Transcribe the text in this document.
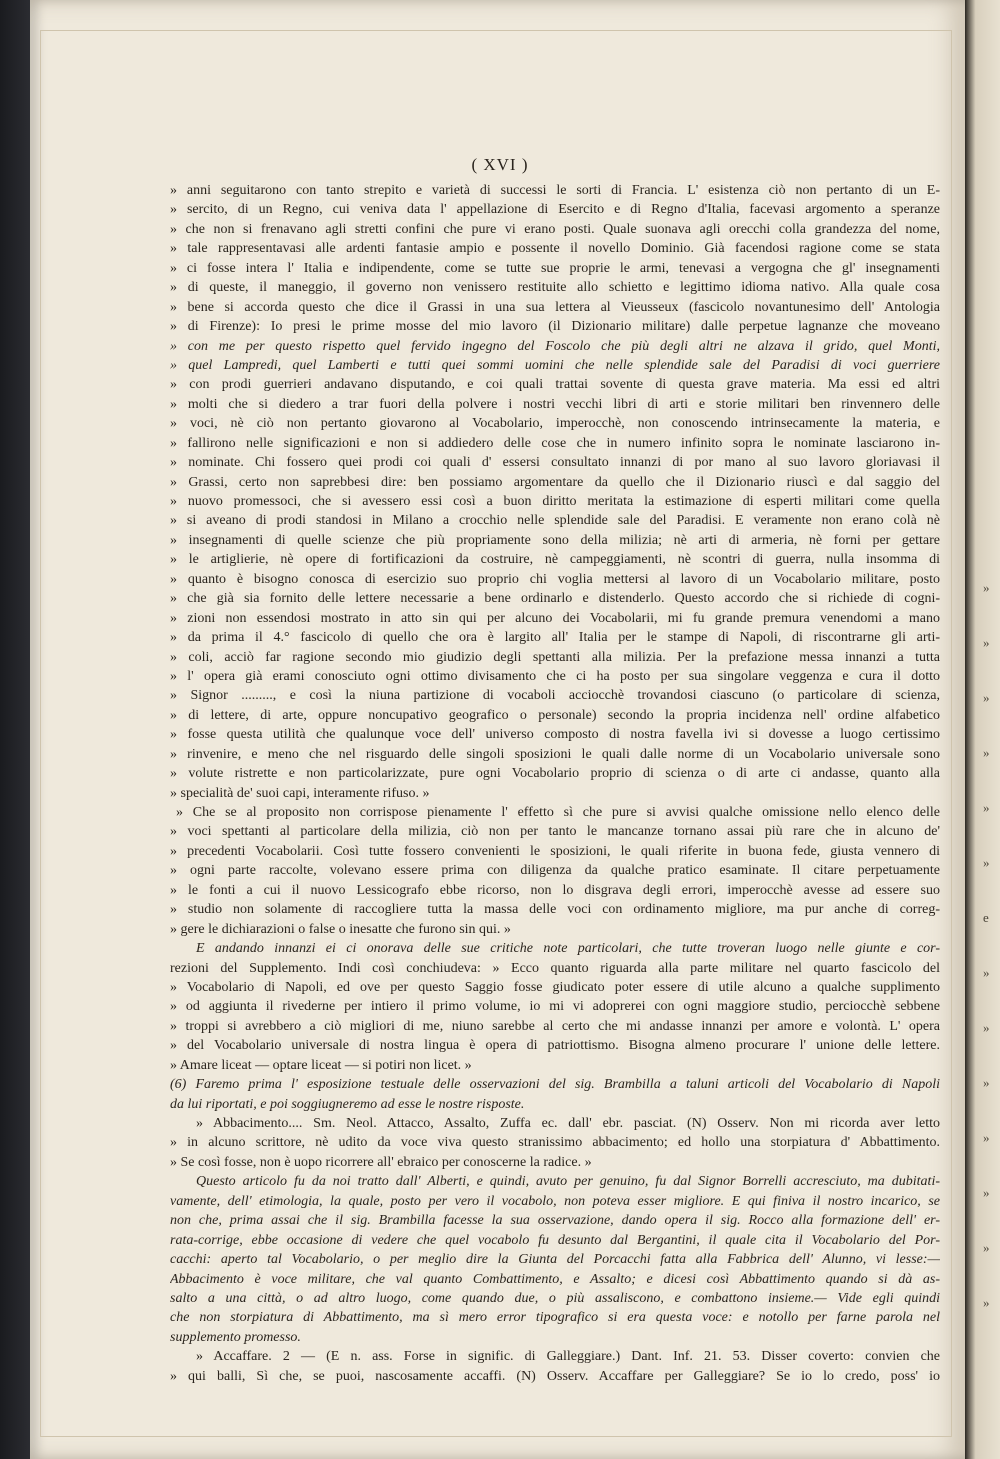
»
»
»
»
»
»
e
»
»
»
»
»
»
»
( XVI )
» anni seguitarono con tanto strepito e varietà di successi le sorti di Francia. L' esistenza ciò non pertanto di un E-
» sercito, di un Regno, cui veniva data l' appellazione di Esercito e di Regno d'Italia, facevasi argomento a speranze
» che non si frenavano agli stretti confini che pure vi erano posti. Quale suonava agli orecchi colla grandezza del nome,
» tale rappresentavasi alle ardenti fantasie ampio e possente il novello Dominio. Già facendosi ragione come se stata
» ci fosse intera l' Italia e indipendente, come se tutte sue proprie le armi, tenevasi a vergogna che gl' insegnamenti
» di queste, il maneggio, il governo non venissero restituite allo schietto e legittimo idioma nativo. Alla quale cosa
» bene si accorda questo che dice il Grassi in una sua lettera al Vieusseux (fascicolo novantunesimo dell' Antologia
» di Firenze): Io presi le prime mosse del mio lavoro (il Dizionario militare) dalle perpetue lagnanze che moveano
» con me per questo rispetto quel fervido ingegno del Foscolo che più degli altri ne alzava il grido, quel Monti,
» quel Lampredi, quel Lamberti e tutti quei sommi uomini che nelle splendide sale del Paradisi di voci guerriere
» con prodi guerrieri andavano disputando, e coi quali trattai sovente di questa grave materia. Ma essi ed altri
» molti che si diedero a trar fuori della polvere i nostri vecchi libri di arti e storie militari ben rinvennero delle
» voci, nè ciò non pertanto giovarono al Vocabolario, imperocchè, non conoscendo intrinsecamente la materia, e
» fallirono nelle significazioni e non si addiedero delle cose che in numero infinito sopra le nominate lasciarono in-
» nominate. Chi fossero quei prodi coi quali d' essersi consultato innanzi di por mano al suo lavoro gloriavasi il
» Grassi, certo non saprebbesi dire: ben possiamo argomentare da quello che il Dizionario riuscì e dal saggio del
» nuovo promessoci, che si avessero essi così a buon diritto meritata la estimazione di esperti militari come quella
» si aveano di prodi standosi in Milano a crocchio nelle splendide sale del Paradisi. E veramente non erano colà nè
» insegnamenti di quelle scienze che più propriamente sono della milizia; nè arti di armeria, nè forni per gettare
» le artiglierie, nè opere di fortificazioni da costruire, nè campeggiamenti, nè scontri di guerra, nulla insomma di
» quanto è bisogno conosca di esercizio suo proprio chi voglia mettersi al lavoro di un Vocabolario militare, posto
» che già sia fornito delle lettere necessarie a bene ordinarlo e distenderlo. Questo accordo che si richiede di cogni-
» zioni non essendosi mostrato in atto sin qui per alcuno dei Vocabolarii, mi fu grande premura venendomi a mano
» da prima il 4.° fascicolo di quello che ora è largito all' Italia per le stampe di Napoli, di riscontrarne gli arti-
» coli, acciò far ragione secondo mio giudizio degli spettanti alla milizia. Per la prefazione messa innanzi a tutta
» l' opera già erami conosciuto ogni ottimo divisamento che ci ha posto per sua singolare veggenza e cura il dotto
» Signor ........., e così la niuna partizione di vocaboli acciocchè trovandosi ciascuno (o particolare di scienza,
» di lettere, di arte, oppure noncupativo geografico o personale) secondo la propria incidenza nell' ordine alfabetico
» fosse questa utilità che qualunque voce dell' universo composto di nostra favella ivi si dovesse a luogo certissimo
» rinvenire, e meno che nel risguardo delle singoli sposizioni le quali dalle norme di un Vocabolario universale sono
» volute ristrette e non particolarizzate, pure ogni Vocabolario proprio di scienza o di arte ci andasse, quanto alla
» specialità de' suoi capi, interamente rifuso. »
» Che se al proposito non corrispose pienamente l' effetto sì che pure si avvisi qualche omissione nello elenco delle
» voci spettanti al particolare della milizia, ciò non per tanto le mancanze tornano assai più rare che in alcuno de'
» precedenti Vocabolarii. Così tutte fossero convenienti le sposizioni, le quali riferite in buona fede, giusta vennero di
» ogni parte raccolte, volevano essere prima con diligenza da qualche pratico esaminate. Il citare perpetuamente
» le fonti a cui il nuovo Lessicografo ebbe ricorso, non lo disgrava degli errori, imperocchè avesse ad essere suo
» studio non solamente di raccogliere tutta la massa delle voci con ordinamento migliore, ma pur anche di correg-
» gere le dichiarazioni o false o inesatte che furono sin qui. »
E andando innanzi ei ci onorava delle sue critiche note particolari, che tutte troveran luogo nelle giunte e cor-
rezioni del Supplemento. Indi così conchiudeva: » Ecco quanto riguarda alla parte militare nel quarto fascicolo del
» Vocabolario di Napoli, ed ove per questo Saggio fosse giudicato poter essere di utile alcuno a qualche supplimento
» od aggiunta il rivederne per intiero il primo volume, io mi vi adoprerei con ogni maggiore studio, perciocchè sebbene
» troppi si avrebbero a ciò migliori di me, niuno sarebbe al certo che mi andasse innanzi per amore e volontà. L' opera
» del Vocabolario universale di nostra lingua è opera di patriottismo. Bisogna almeno procurare l' unione delle lettere.
» Amare liceat — optare liceat — si potiri non licet. »
(6) Faremo prima l' esposizione testuale delle osservazioni del sig. Brambilla a taluni articoli del Vocabolario di Napoli
da lui riportati, e poi soggiugneremo ad esse le nostre risposte.
» Abbacimento.... Sm. Neol. Attacco, Assalto, Zuffa ec. dall' ebr. pasciat. (N) Osserv. Non mi ricorda aver letto
» in alcuno scrittore, nè udito da voce viva questo stranissimo abbacimento; ed hollo una storpiatura d' Abbattimento.
» Se così fosse, non è uopo ricorrere all' ebraico per conoscerne la radice. »
Questo articolo fu da noi tratto dall' Alberti, e quindi, avuto per genuino, fu dal Signor Borrelli accresciuto, ma dubitati-
vamente, dell' etimologia, la quale, posto per vero il vocabolo, non poteva esser migliore. E qui finiva il nostro incarico, se
non che, prima assai che il sig. Brambilla facesse la sua osservazione, dando opera il sig. Rocco alla formazione dell' er-
rata-corrige, ebbe occasione di vedere che quel vocabolo fu desunto dal Bergantini, il quale cita il Vocabolario del Por-
cacchi: aperto tal Vocabolario, o per meglio dire la Giunta del Porcacchi fatta alla Fabbrica dell' Alunno, vi lesse:—
Abbacimento è voce militare, che val quanto Combattimento, e Assalto; e dicesi così Abbattimento quando si dà as-
salto a una città, o ad altro luogo, come quando due, o più assaliscono, e combattono insieme.— Vide egli quindi
che non storpiatura di Abbattimento, ma sì mero error tipografico si era questa voce: e notollo per farne parola nel
supplemento promesso.
» Accaffare. 2 — (E n. ass. Forse in signific. di Galleggiare.) Dant. Inf. 21. 53. Disser coverto: convien che
» qui balli, Sì che, se puoi, nascosamente accaffi. (N) Osserv. Accaffare per Galleggiare? Se io lo credo, poss' io
